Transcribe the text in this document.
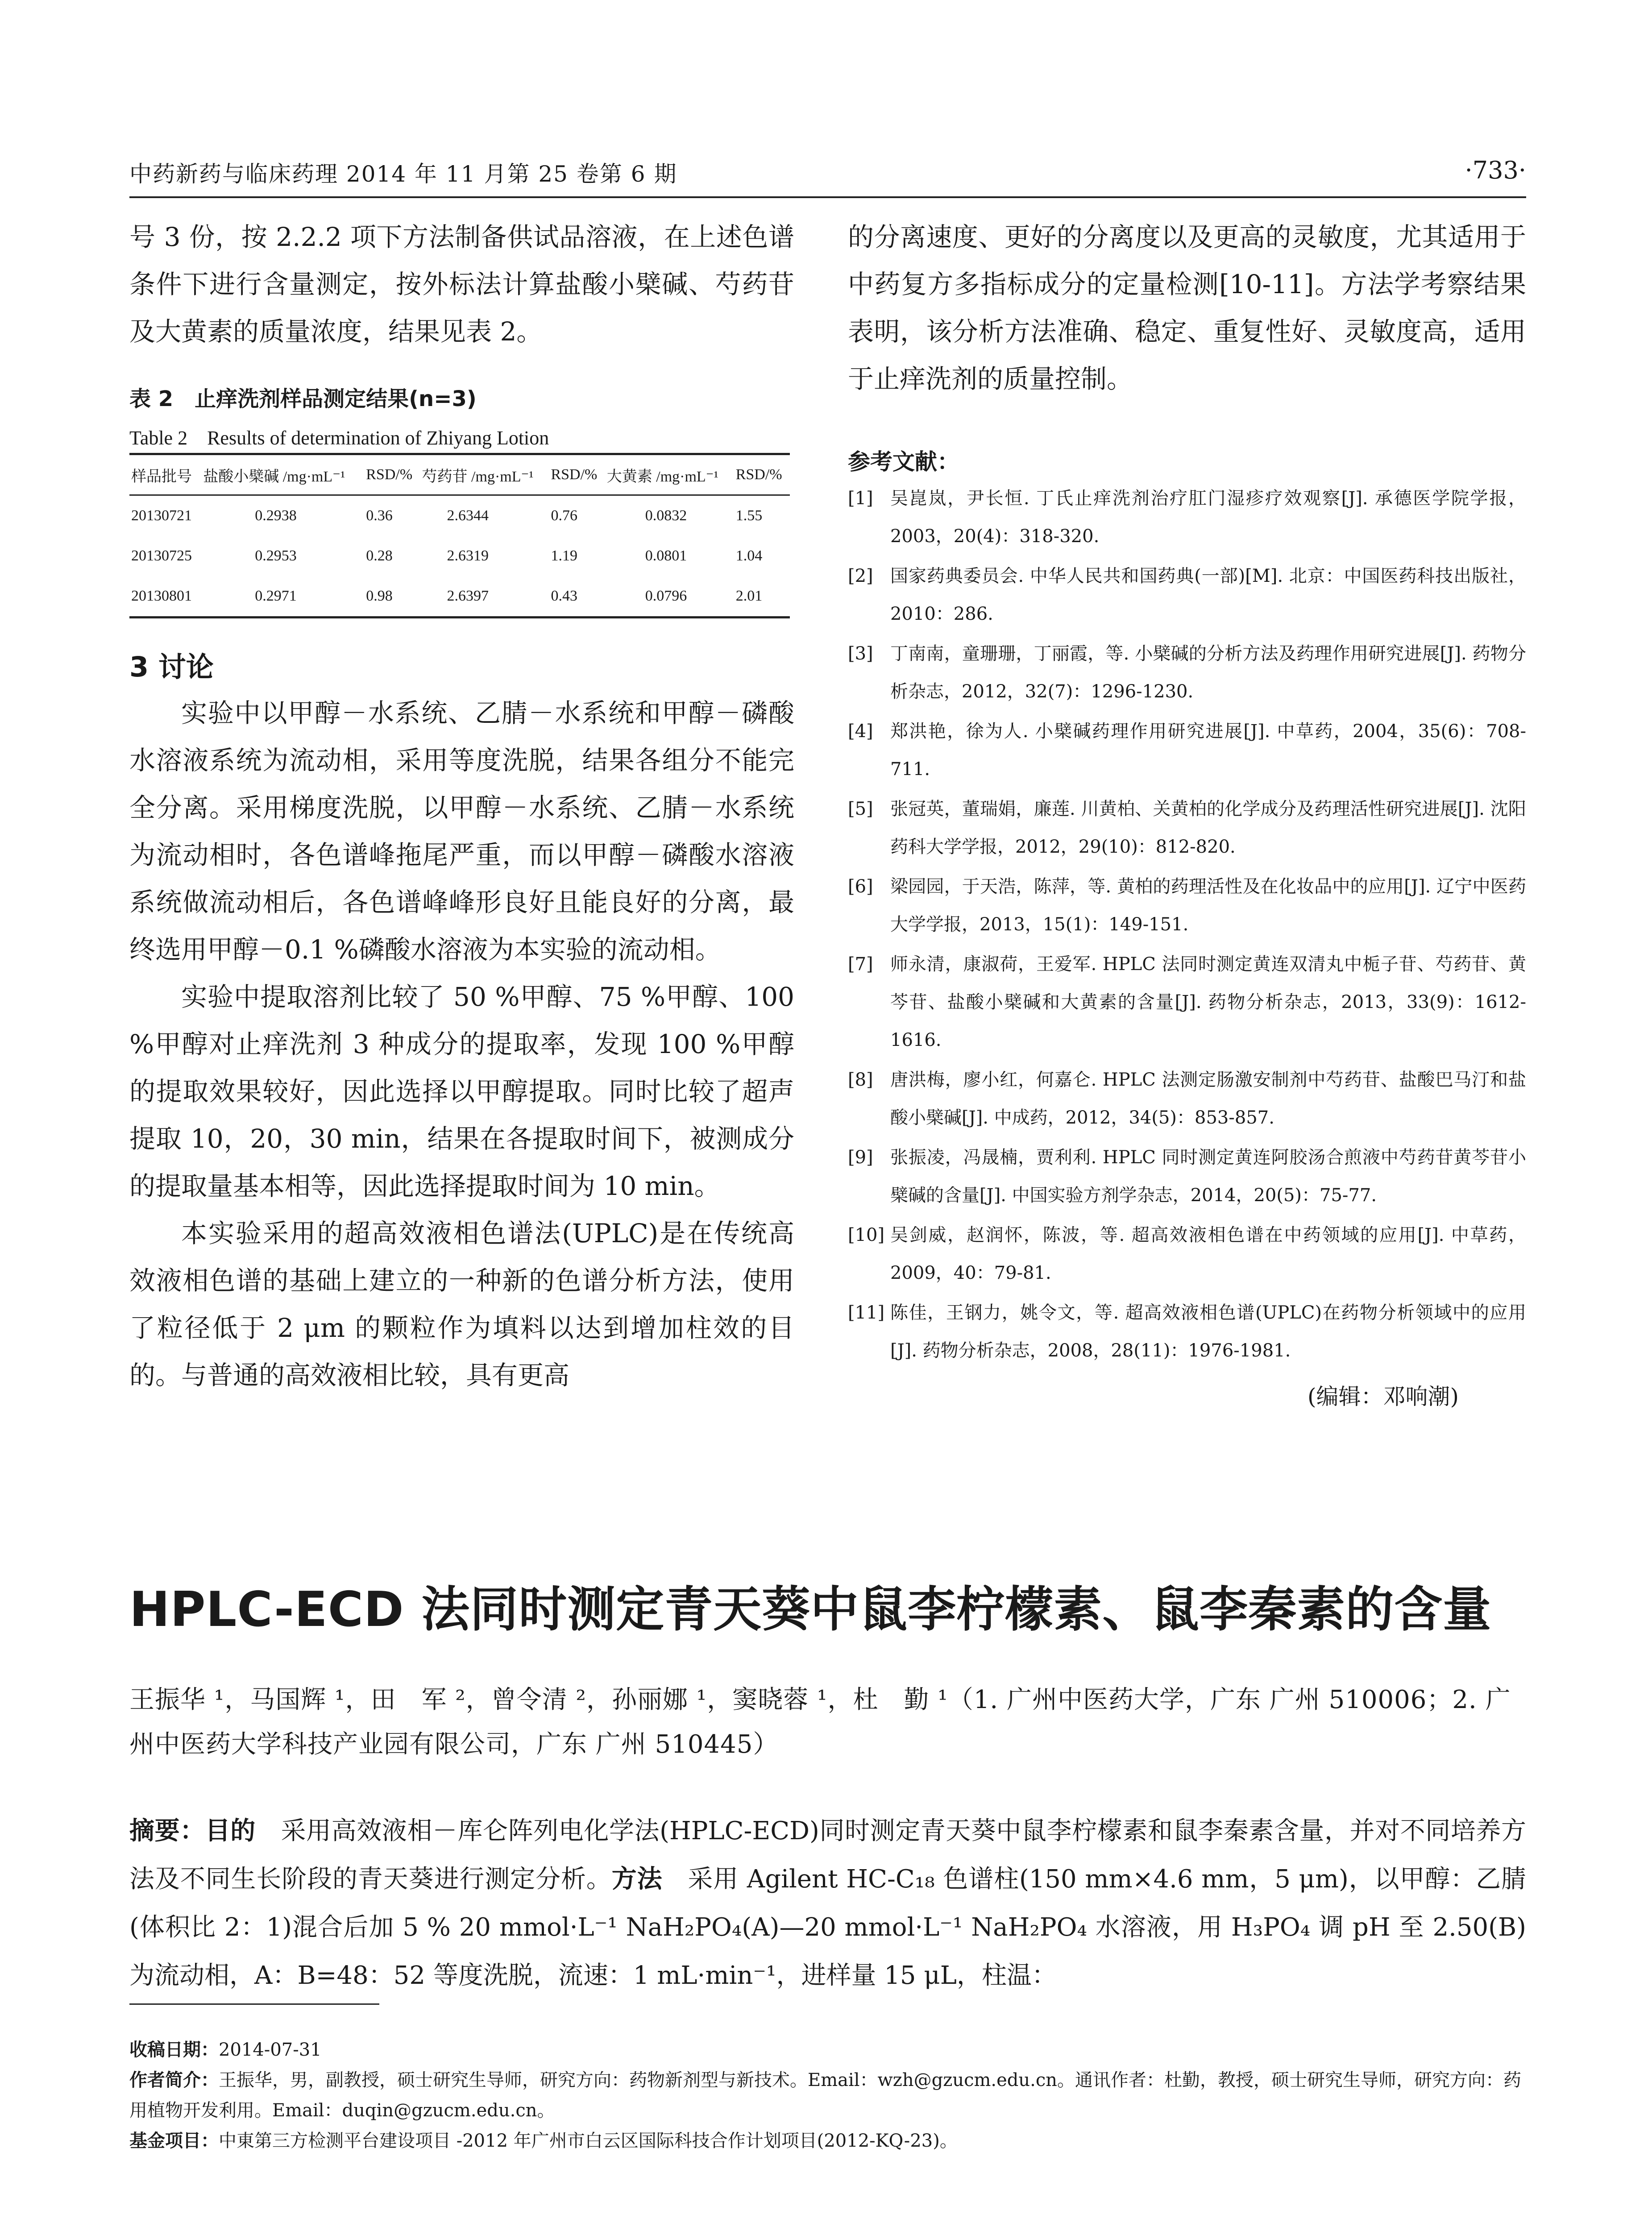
中药新药与临床药理 2014 年 11 月第 25 卷第 6 期	·733·

号 3 份，按 2.2.2 项下方法制备供试品溶液，在上述色谱条件下进行含量测定，按外标法计算盐酸小檗碱、芍药苷及大黄素的质量浓度，结果见表 2。

表 2　止痒洗剂样品测定结果(n=3)
Table 2　Results of determination of Zhiyang Lotion
样品批号	盐酸小檗碱 /mg·mL⁻¹	RSD/%	芍药苷 /mg·mL⁻¹	RSD/%	大黄素 /mg·mL⁻¹	RSD/%
20130721	0.2938	0.36	2.6344	0.76	0.0832	1.55
20130725	0.2953	0.28	2.6319	1.19	0.0801	1.04
20130801	0.2971	0.98	2.6397	0.43	0.0796	2.01
3 讨论

实验中以甲醇－水系统、乙腈－水系统和甲醇－磷酸水溶液系统为流动相，采用等度洗脱，结果各组分不能完全分离。采用梯度洗脱，以甲醇－水系统、乙腈－水系统为流动相时，各色谱峰拖尾严重，而以甲醇－磷酸水溶液系统做流动相后，各色谱峰峰形良好且能良好的分离，最终选用甲醇－0.1 %磷酸水溶液为本实验的流动相。

实验中提取溶剂比较了 50 %甲醇、75 %甲醇、100 %甲醇对止痒洗剂 3 种成分的提取率，发现 100 %甲醇的提取效果较好，因此选择以甲醇提取。同时比较了超声提取 10，20，30 min，结果在各提取时间下，被测成分的提取量基本相等，因此选择提取时间为 10 min。

本实验采用的超高效液相色谱法(UPLC)是在传统高效液相色谱的基础上建立的一种新的色谱分析方法，使用了粒径低于 2 μm 的颗粒作为填料以达到增加柱效的目的。与普通的高效液相比较，具有更高

的分离速度、更好的分离度以及更高的灵敏度，尤其适用于中药复方多指标成分的定量检测[10-11]。方法学考察结果表明，该分析方法准确、稳定、重复性好、灵敏度高，适用于止痒洗剂的质量控制。

参考文献：

[1] 吴崑岚，尹长恒. 丁氏止痒洗剂治疗肛门湿疹疗效观察[J]. 承德医学院学报，2003，20(4)：318-320.

[2] 国家药典委员会. 中华人民共和国药典(一部)[M]. 北京：中国医药科技出版社，2010：286.

[3] 丁南南，童珊珊，丁丽霞，等. 小檗碱的分析方法及药理作用研究进展[J]. 药物分析杂志，2012，32(7)：1296-1230.

[4] 郑洪艳，徐为人. 小檗碱药理作用研究进展[J]. 中草药，2004，35(6)：708-711.

[5] 张冠英，董瑞娟，廉莲. 川黄柏、关黄柏的化学成分及药理活性研究进展[J]. 沈阳药科大学学报，2012，29(10)：812-820.

[6] 梁园园，于天浩，陈萍，等. 黄柏的药理活性及在化妆品中的应用[J]. 辽宁中医药大学学报，2013，15(1)：149-151.

[7] 师永清，康淑荷，王爱军. HPLC 法同时测定黄连双清丸中栀子苷、芍药苷、黄芩苷、盐酸小檗碱和大黄素的含量[J]. 药物分析杂志，2013，33(9)：1612-1616.

[8] 唐洪梅，廖小红，何嘉仑. HPLC 法测定肠激安制剂中芍药苷、盐酸巴马汀和盐酸小檗碱[J]. 中成药，2012，34(5)：853-857.

[9] 张振凌，冯晟楠，贾利利. HPLC 同时测定黄连阿胶汤合煎液中芍药苷黄芩苷小檗碱的含量[J]. 中国实验方剂学杂志，2014，20(5)：75-77.

[10] 吴剑威，赵润怀，陈波，等. 超高效液相色谱在中药领域的应用[J]. 中草药，2009，40：79-81.

[11] 陈佳，王钢力，姚令文，等. 超高效液相色谱(UPLC)在药物分析领域中的应用[J]. 药物分析杂志，2008，28(11)：1976-1981.

(编辑：邓响潮)
HPLC-ECD 法同时测定青天葵中鼠李柠檬素、鼠李秦素的含量
王振华 ¹，马国辉 ¹，田　军 ²，曾令清 ²，孙丽娜 ¹，窦晓蓉 ¹，杜　勤 ¹（1. 广州中医药大学，广东 广州 510006；2. 广州中医药大学科技产业园有限公司，广东 广州 510445）
摘要：目的　采用高效液相－库仑阵列电化学法(HPLC-ECD)同时测定青天葵中鼠李柠檬素和鼠李秦素含量，并对不同培养方法及不同生长阶段的青天葵进行测定分析。方法　采用 Agilent HC-C₁₈ 色谱柱(150 mm×4.6 mm，5 μm)，以甲醇：乙腈(体积比 2：1)混合后加 5 % 20 mmol·L⁻¹ NaH₂PO₄(A)—20 mmol·L⁻¹ NaH₂PO₄ 水溶液，用 H₃PO₄ 调 pH 至 2.50(B)为流动相，A：B=48：52 等度洗脱，流速：1 mL·min⁻¹，进样量 15 μL，柱温：
收稿日期：2014-07-31
作者简介：王振华，男，副教授，硕士研究生导师，研究方向：药物新剂型与新技术。Email：wzh@gzucm.edu.cn。通讯作者：杜勤，教授，硕士研究生导师，研究方向：药用植物开发利用。Email：duqin@gzucm.edu.cn。
基金项目：中東第三方检测平台建设项目 -2012 年广州市白云区国际科技合作计划项目(2012-KQ-23)。
